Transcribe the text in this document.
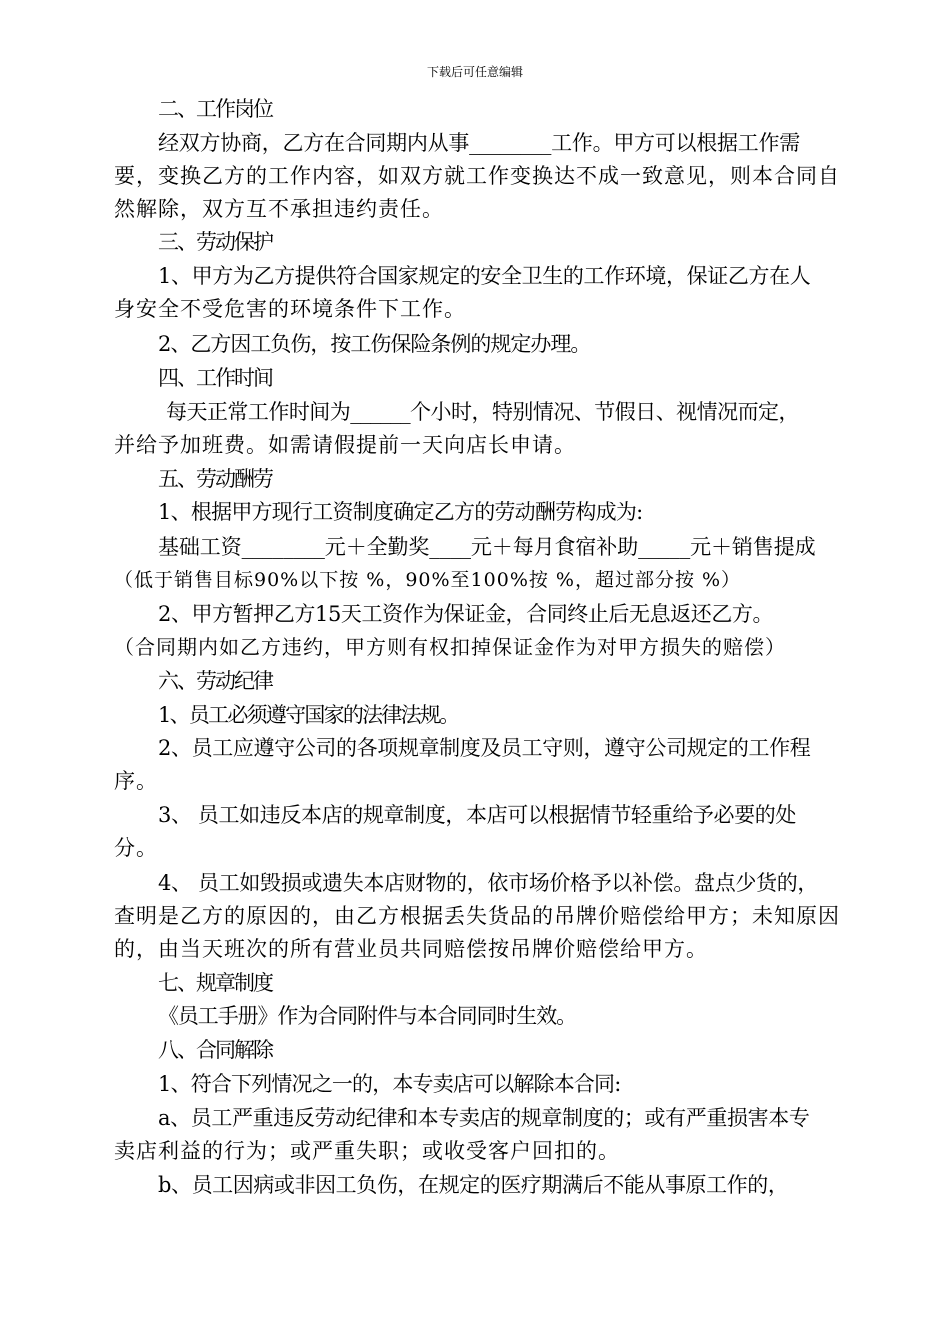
下载后可任意编辑
二、工作岗位
经双方协商，乙方在合同期内从事________工作。甲方可以根据工作需
要，变换乙方的工作内容，如双方就工作变换达不成一致意见，则本合同自
然解除，双方互不承担违约责任。
三、劳动保护
1、甲方为乙方提供符合国家规定的安全卫生的工作环境，保证乙方在人
身安全不受危害的环境条件下工作。
2、乙方因工负伤，按工伤保险条例的规定办理。
四、工作时间
每天正常工作时间为______个小时，特别情况、节假日、视情况而定，
并给予加班费。如需请假提前一天向店长申请。
五、劳动酬劳
1、根据甲方现行工资制度确定乙方的劳动酬劳构成为:
基础工资________元＋全勤奖____元＋每月食宿补助_____元＋销售提成
（低于销售目标90%以下按 %，90%至100%按 %，超过部分按 %）
2、甲方暂押乙方15天工资作为保证金，合同终止后无息返还乙方。
（合同期内如乙方违约，甲方则有权扣掉保证金作为对甲方损失的赔偿）
六、劳动纪律
1、员工必须遵守国家的法律法规。
2、员工应遵守公司的各项规章制度及员工守则，遵守公司规定的工作程
序。
3、 员工如违反本店的规章制度，本店可以根据情节轻重给予必要的处
分。
4、 员工如毁损或遗失本店财物的，依市场价格予以补偿。盘点少货的，
查明是乙方的原因的，由乙方根据丢失货品的吊牌价赔偿给甲方；未知原因
的，由当天班次的所有营业员共同赔偿按吊牌价赔偿给甲方。
七、规章制度
《员工手册》作为合同附件与本合同同时生效。
八、合同解除
1、符合下列情况之一的，本专卖店可以解除本合同:
a、员工严重违反劳动纪律和本专卖店的规章制度的；或有严重损害本专
卖店利益的行为；或严重失职；或收受客户回扣的。
b、员工因病或非因工负伤，在规定的医疗期满后不能从事原工作的，
